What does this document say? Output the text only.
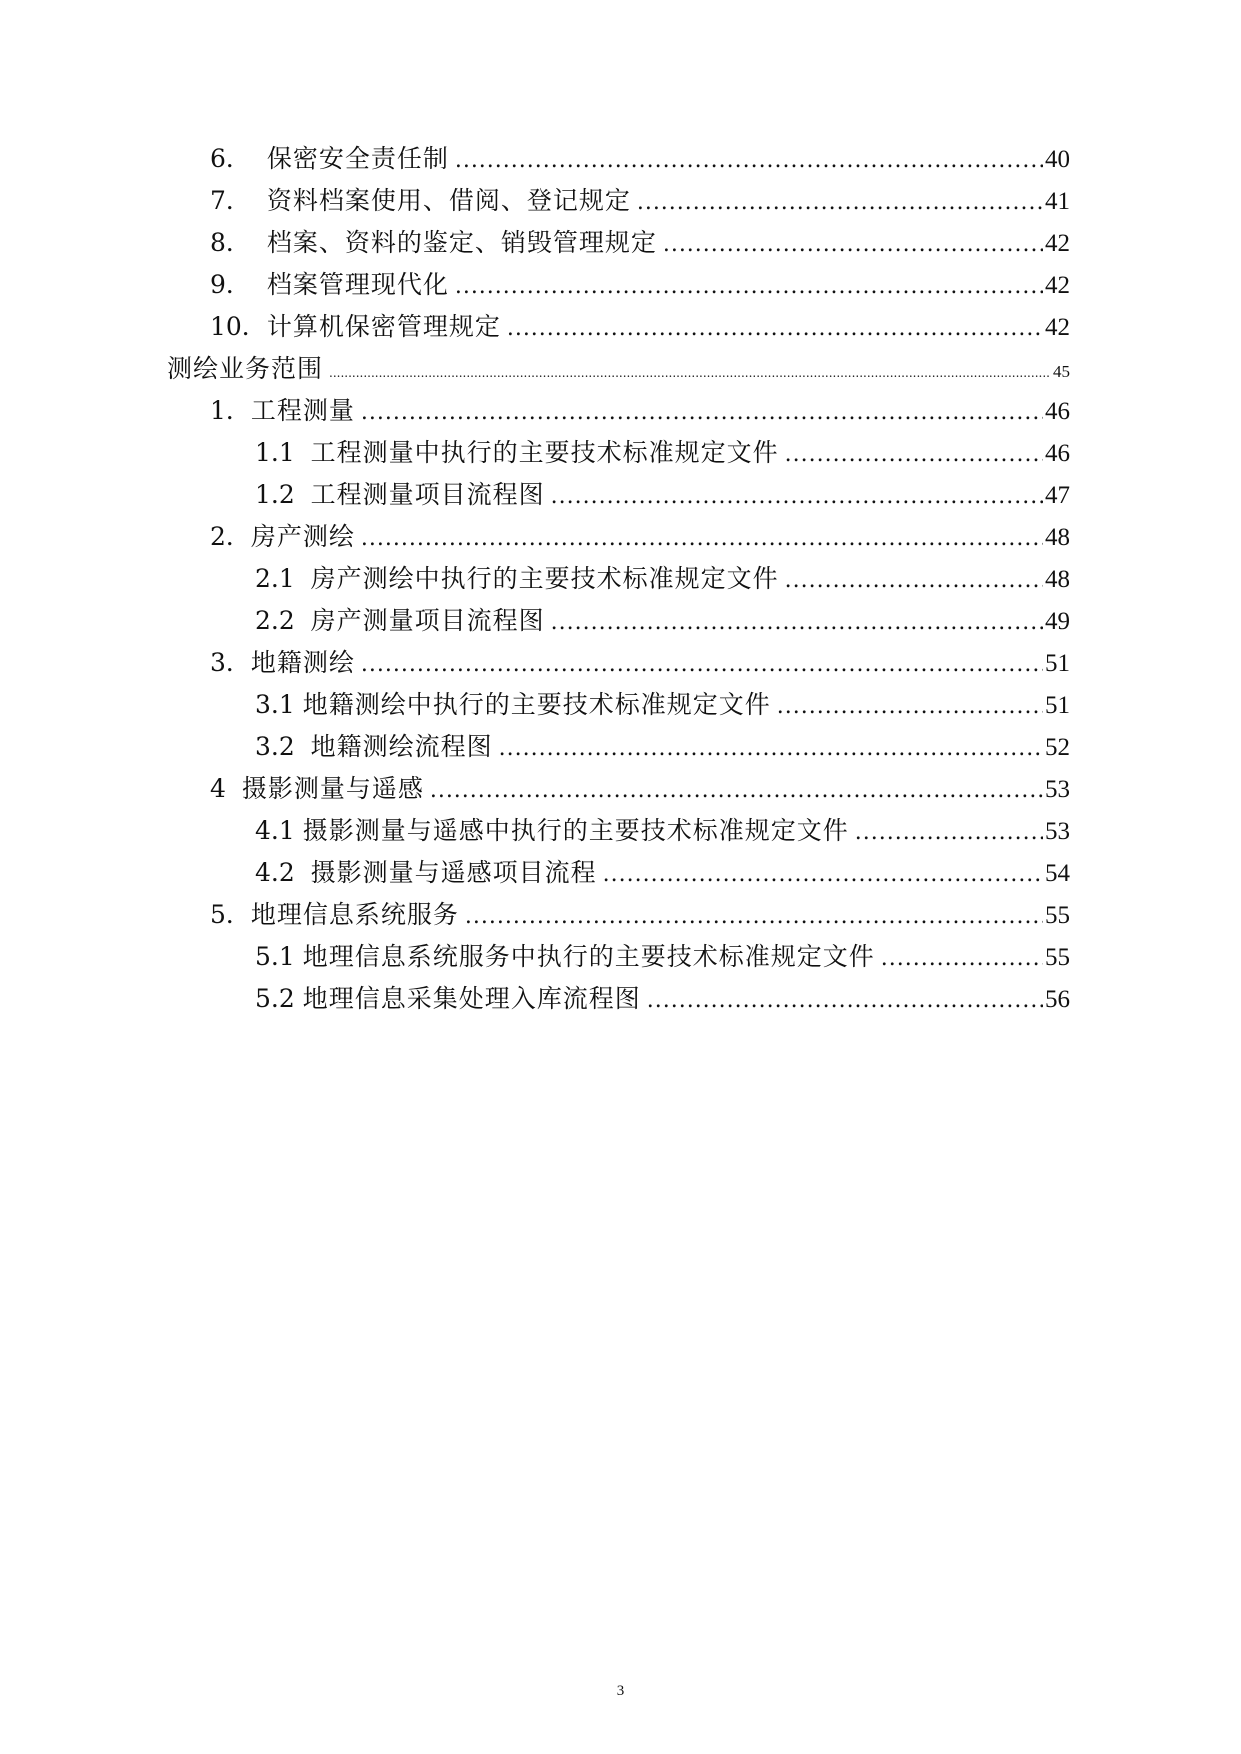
6． 保密安全责任制 .....	40
7． 资料档案使用、借阅、登记规定 .....	41
8． 档案、资料的鉴定、销毁管理规定 .....	42
9． 档案管理现代化 .....	42
10． 计算机保密管理规定 .....	42
测绘业务范围 .....	45
1． 工程测量 .....	46
1.1 工程测量中执行的主要技术标准规定文件 .....	46
1.2 工程测量项目流程图 .....	47
2． 房产测绘 .....	48
2.1 房产测绘中执行的主要技术标准规定文件 .....	48
2.2 房产测量项目流程图 .....	49
3． 地籍测绘 .....	51
3.1 地籍测绘中执行的主要技术标准规定文件 .....	51
3.2 地籍测绘流程图 .....	52
4 摄影测量与遥感 .....	53
4.1 摄影测量与遥感中执行的主要技术标准规定文件 .....	53
4.2 摄影测量与遥感项目流程 .....	54
5． 地理信息系统服务 .....	55
5.1 地理信息系统服务中执行的主要技术标准规定文件 .....	55
5.2 地理信息采集处理入库流程图 .....	56
3
